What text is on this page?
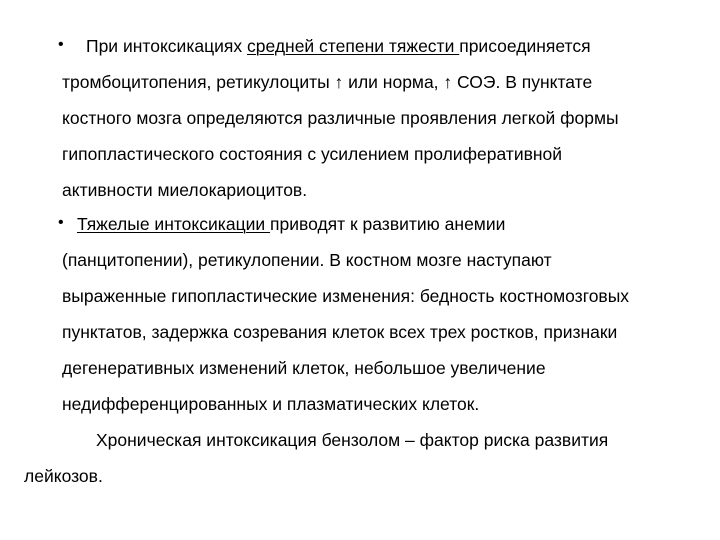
• При интоксикациях средней степени тяжести присоединяется
тромбоцитопения, ретикулоциты ↑ или норма, ↑ СОЭ. В пунктате
костного мозга определяются различные проявления легкой формы
гипопластического состояния с усилением пролиферативной
активности миелокариоцитов.
• Тяжелые интоксикации приводят к развитию анемии
(панцитопении), ретикулопении. В костном мозге наступают
выраженные гипопластические изменения: бедность костномозговых
пунктатов, задержка созревания клеток всех трех ростков, признаки
дегенеративных изменений клеток, небольшое увеличение
недифференцированных и плазматических клеток.
Хроническая интоксикация бензолом – фактор риска развития
лейкозов.
